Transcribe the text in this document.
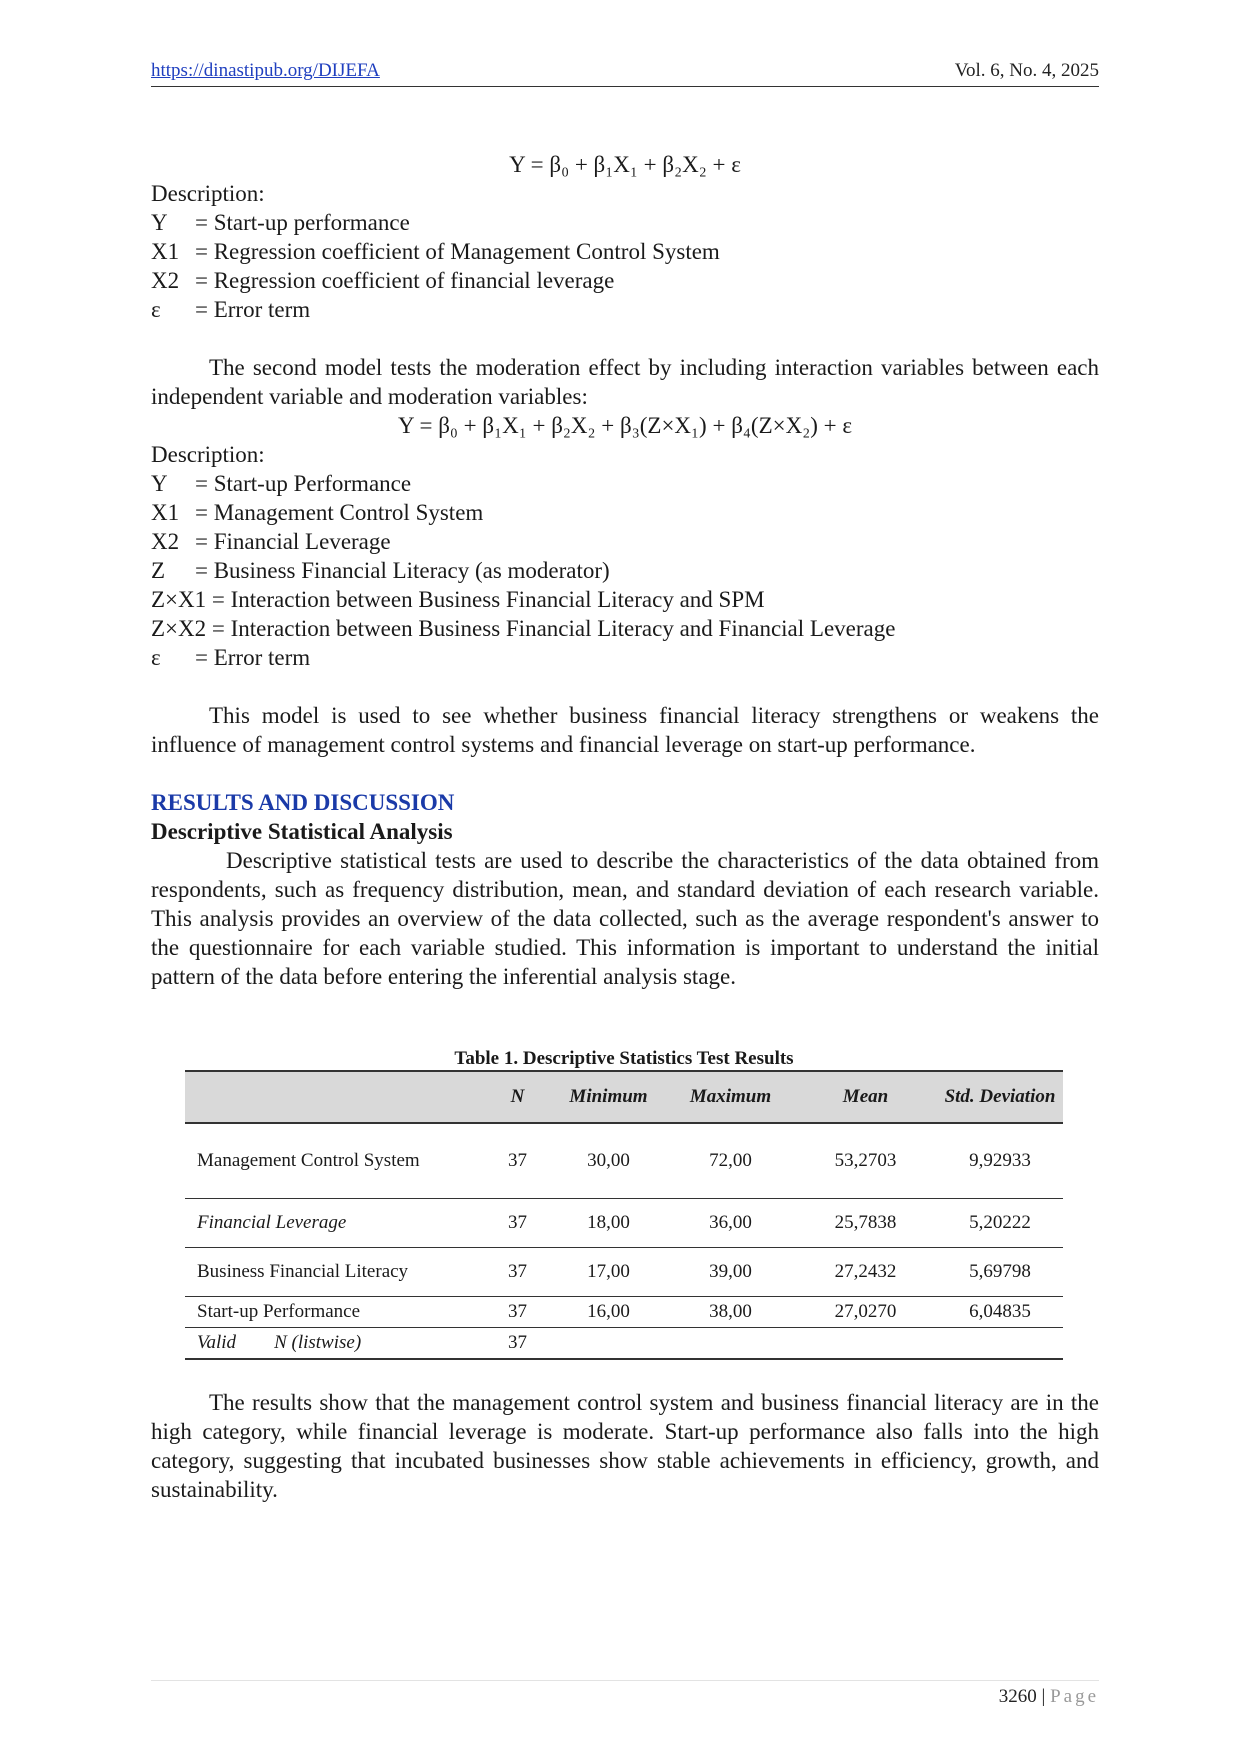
https://dinastipub.org/DIJEFA	Vol. 6, No. 4, 2025
Y = β₀ + β₁X₁ + β₂X₂ + ε
Description:
Y	= Start-up performance
X1 = Regression coefficient of Management Control System
X2 = Regression coefficient of financial leverage
ε	= Error term

The second model tests the moderation effect by including interaction variables between each independent variable and moderation variables:

Y = β₀ + β₁X₁ + β₂X₂ + β₃(Z×X₁) + β₄(Z×X₂) + ε
Description:
Y	= Start-up Performance
X1 = Management Control System
X2 = Financial Leverage
Z	= Business Financial Literacy (as moderator)
Z×X1 = Interaction between Business Financial Literacy and SPM
Z×X2 = Interaction between Business Financial Literacy and Financial Leverage
ε	= Error term

This model is used to see whether business financial literacy strengthens or weakens the influence of management control systems and financial leverage on start-up performance.

RESULTS AND DISCUSSION

Descriptive Statistical Analysis

Descriptive statistical tests are used to describe the characteristics of the data obtained from respondents, such as frequency distribution, mean, and standard deviation of each research variable. This analysis provides an overview of the data collected, such as the average respondent's answer to the questionnaire for each variable studied. This information is important to understand the initial pattern of the data before entering the inferential analysis stage.

Table 1. Descriptive Statistics Test Results
	N	Minimum	Maximum	Mean	Std. Deviation
Management Control System	37	30,00	72,00	53,2703	9,92933
Financial Leverage	37	18,00	36,00	25,7838	5,20222
Business Financial Literacy	37	17,00	39,00	27,2432	5,69798
Start-up Performance	37	16,00	38,00	27,0270	6,04835
Valid N (listwise)	37				

The results show that the management control system and business financial literacy are in the high category, while financial leverage is moderate. Start-up performance also falls into the high category, suggesting that incubated businesses show stable achievements in efficiency, growth, and sustainability.

3260 | Page
